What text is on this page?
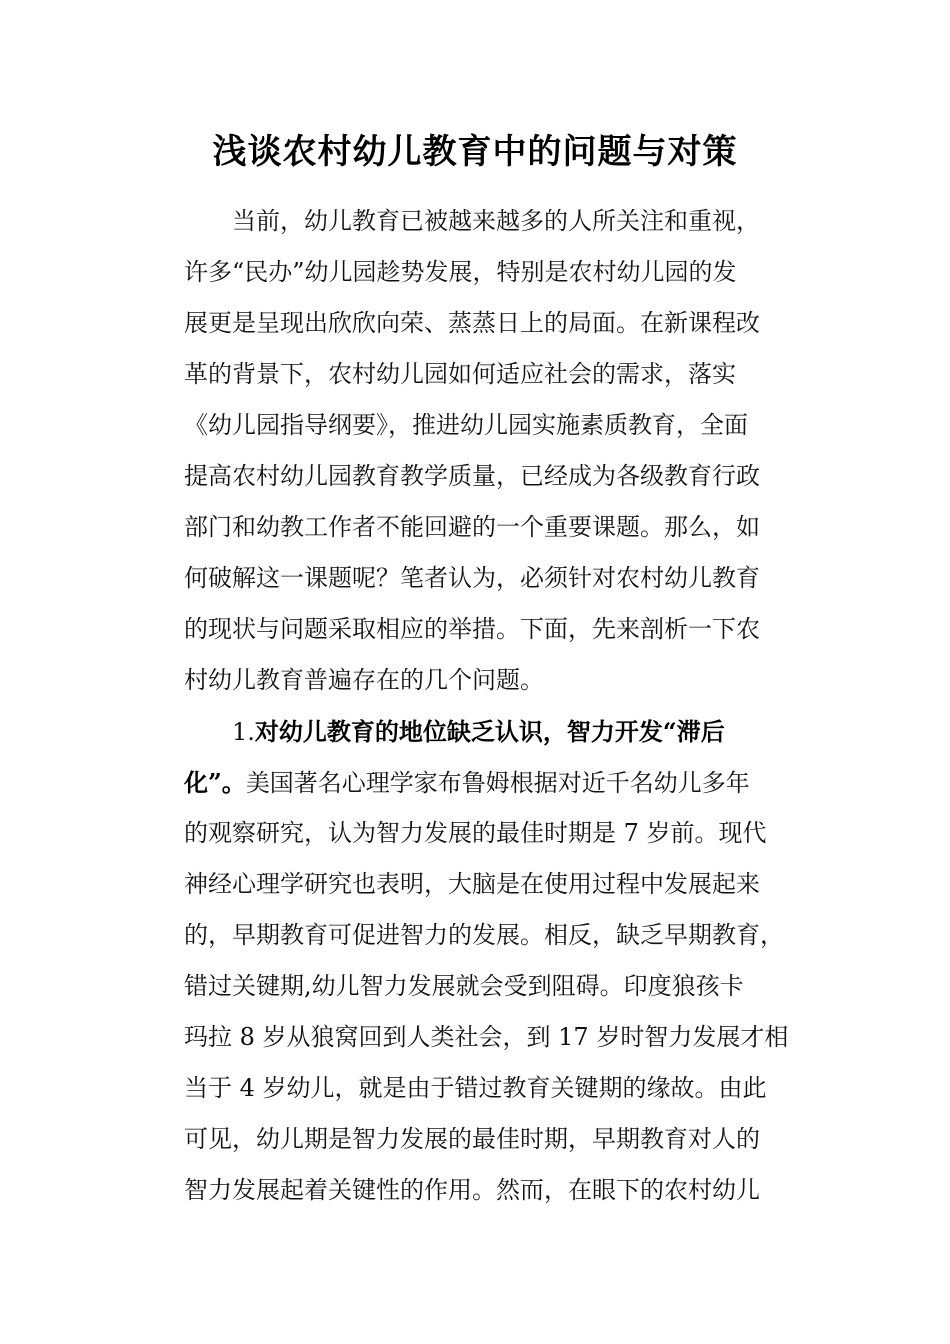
浅谈农村幼儿教育中的问题与对策
当前，幼儿教育已被越来越多的人所关注和重视，
许多“民办”幼儿园趁势发展，特别是农村幼儿园的发
展更是呈现出欣欣向荣、蒸蒸日上的局面。在新课程改
革的背景下，农村幼儿园如何适应社会的需求，落实
《幼儿园指导纲要》，推进幼儿园实施素质教育，全面
提高农村幼儿园教育教学质量，已经成为各级教育行政
部门和幼教工作者不能回避的一个重要课题。那么，如
何破解这一课题呢？笔者认为，必须针对农村幼儿教育
的现状与问题采取相应的举措。下面，先来剖析一下农
村幼儿教育普遍存在的几个问题。
1.对幼儿教育的地位缺乏认识，智力开发“滞后
化”。美国著名心理学家布鲁姆根据对近千名幼儿多年
的观察研究，认为智力发展的最佳时期是 7 岁前。现代
神经心理学研究也表明，大脑是在使用过程中发展起来
的，早期教育可促进智力的发展。相反，缺乏早期教育，
错过关键期,幼儿智力发展就会受到阻碍。印度狼孩卡
玛拉 8 岁从狼窝回到人类社会，到 17 岁时智力发展才相
当于 4 岁幼儿，就是由于错过教育关键期的缘故。由此
可见，幼儿期是智力发展的最佳时期，早期教育对人的
智力发展起着关键性的作用。然而，在眼下的农村幼儿
